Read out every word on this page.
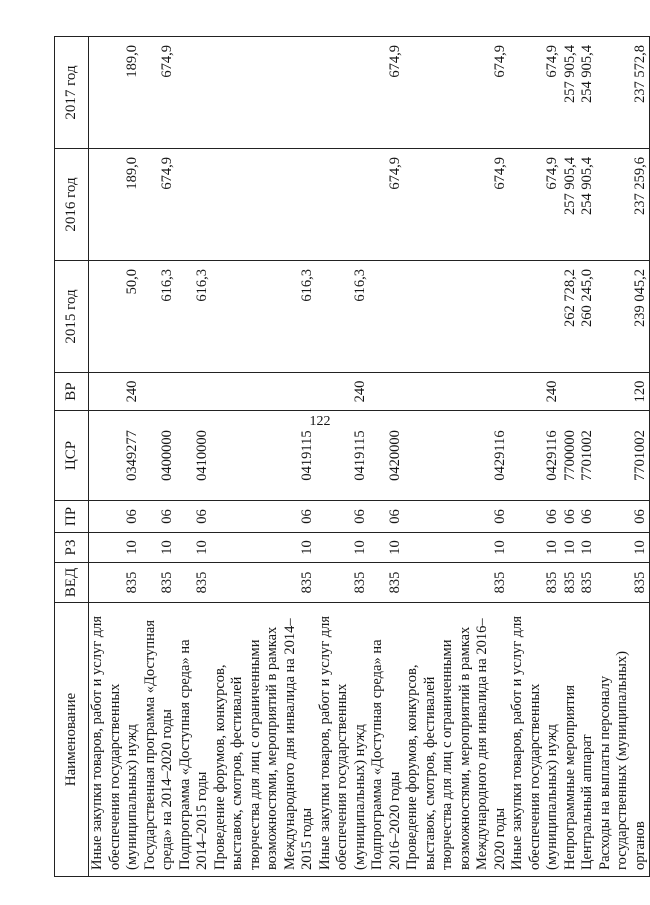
122
Наименование	ВЕД	РЗ	ПР	ЦСР	ВР	2015 год	2016 год	2017 год
Иные закупки товаров, работ и услуг для обеспечения государственных (муниципальных) нужд	835	10	06	0349277	240	50,0	189,0	189,0
Государственная программа «Доступная среда» на 2014–2020 годы	835	10	06	0400000		616,3	674,9	674,9
Подпрограмма «Доступная среда» на 2014–2015 годы	835	10	06	0410000		616,3		
Проведение форумов, конкурсов, выставок, смотров, фестивалей творчества для лиц с ограниченными возможностями, мероприятий в рамках Международного дня инвалида на 2014–2015 годы	835	10	06	0419115		616,3		
Иные закупки товаров, работ и услуг для обеспечения государственных (муниципальных) нужд	835	10	06	0419115	240	616,3		
Подпрограмма «Доступная среда» на 2016–2020 годы	835	10	06	0420000			674,9	674,9
Проведение форумов, конкурсов, выставок, смотров, фестивалей творчества для лиц с ограниченными возможностями, мероприятий в рамках Международного дня инвалида на 2016–2020 годы	835	10	06	0429116			674,9	674,9
Иные закупки товаров, работ и услуг для обеспечения государственных (муниципальных) нужд	835	10	06	0429116	240		674,9	674,9
Непрограммные мероприятия	835	10	06	7700000		262 728,2	257 905,4	257 905,4
Центральный аппарат	835	10	06	7701002		260 245,0	254 905,4	254 905,4
Расходы на выплаты персоналу государственных (муниципальных) органов	835	10	06	7701002	120	239 045,2	237 259,6	237 572,8
